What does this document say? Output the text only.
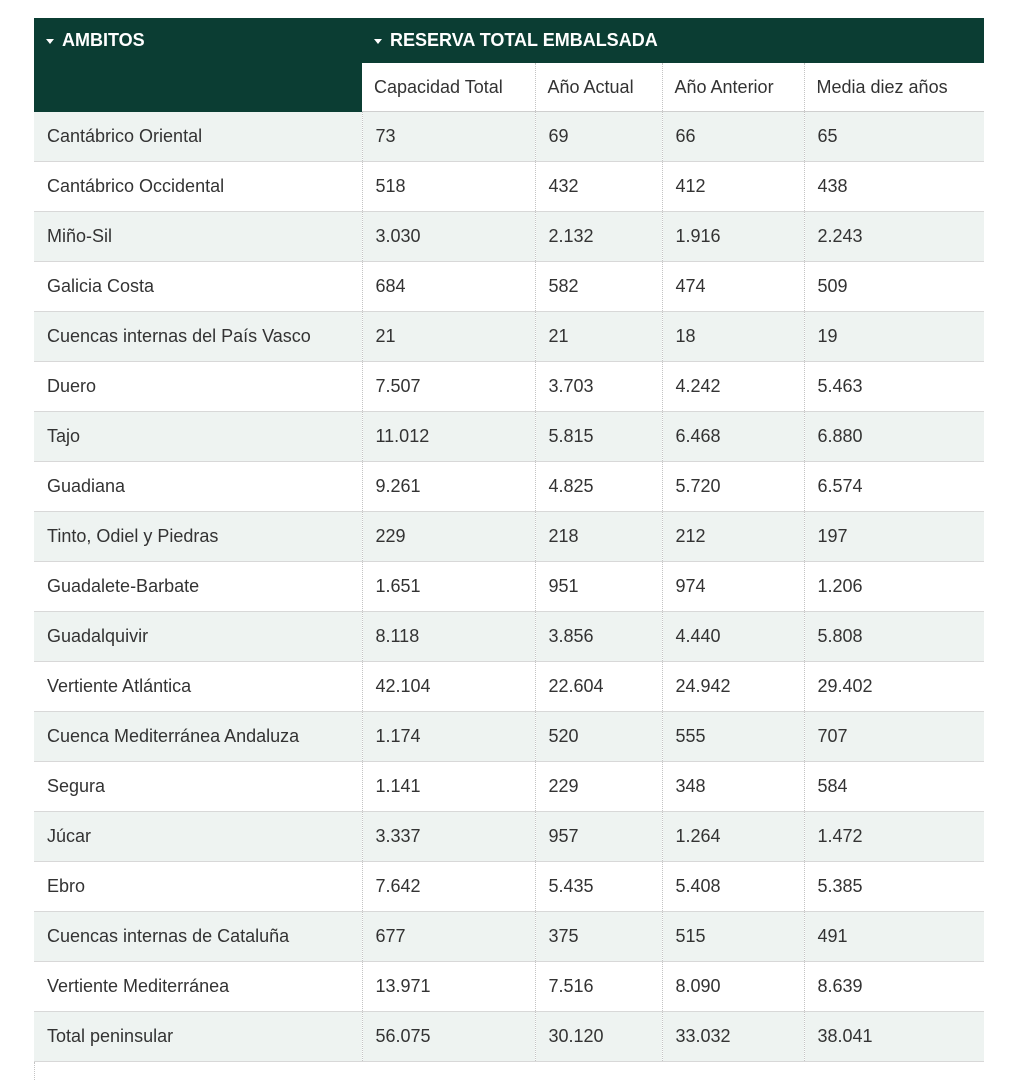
AMBITOS	RESERVA TOTAL EMBALSADA			
	Capacidad Total	Año Actual	Año Anterior	Media diez años
Cantábrico Oriental	73	69	66	65
Cantábrico Occidental	518	432	412	438
Miño-Sil	3.030	2.132	1.916	2.243
Galicia Costa	684	582	474	509
Cuencas internas del País Vasco	21	21	18	19
Duero	7.507	3.703	4.242	5.463
Tajo	11.012	5.815	6.468	6.880
Guadiana	9.261	4.825	5.720	6.574
Tinto, Odiel y Piedras	229	218	212	197
Guadalete-Barbate	1.651	951	974	1.206
Guadalquivir	8.118	3.856	4.440	5.808
Vertiente Atlántica	42.104	22.604	24.942	29.402
Cuenca Mediterránea Andaluza	1.174	520	555	707
Segura	1.141	229	348	584
Júcar	3.337	957	1.264	1.472
Ebro	7.642	5.435	5.408	5.385
Cuencas internas de Cataluña	677	375	515	491
Vertiente Mediterránea	13.971	7.516	8.090	8.639
Total peninsular	56.075	30.120	33.032	38.041
